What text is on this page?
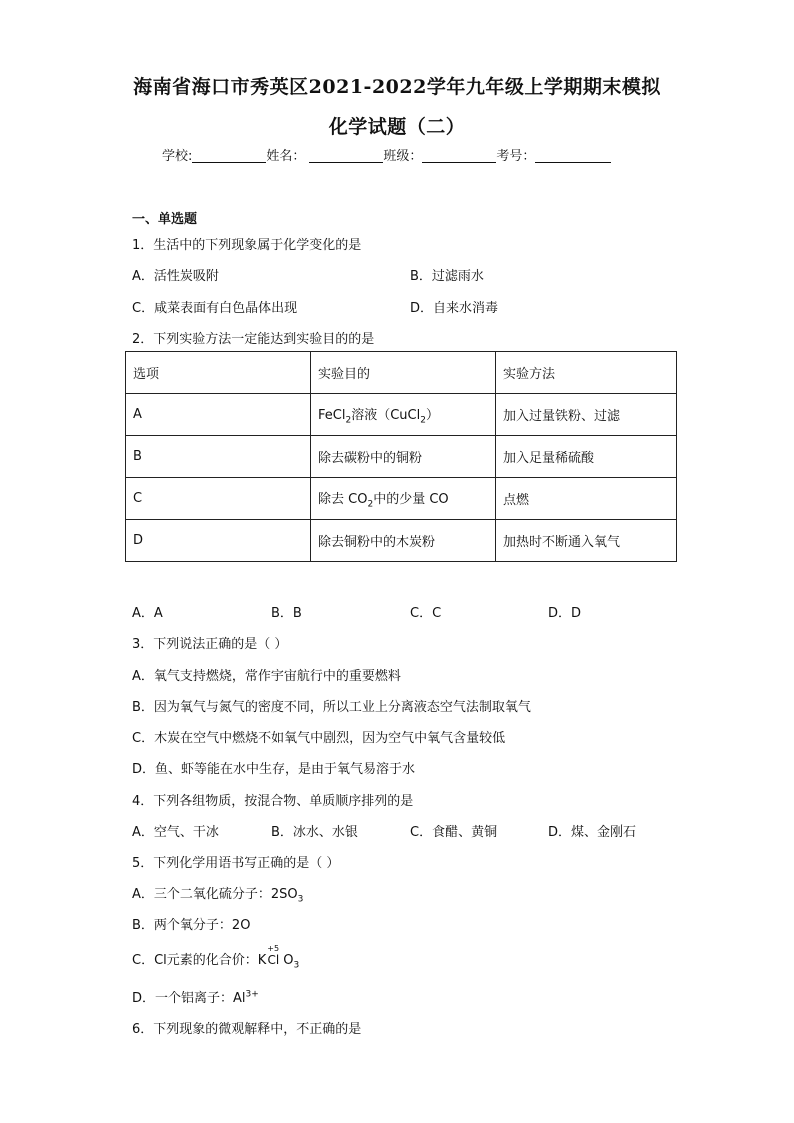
海南省海口市秀英区2021-2022学年九年级上学期期末模拟
化学试题（二）
学校:	姓名：	班级：	考号：
一、单选题
1．生活中的下列现象属于化学变化的是
A．活性炭吸附	B．过滤雨水
C．咸菜表面有白色晶体出现	D．自来水消毒
2．下列实验方法一定能达到实验目的的是
选项	实验目的	实验方法
A	FeCl$_2$溶液（CuCl$_2$）	加入过量铁粉、过滤
B	除去碳粉中的铜粉	加入足量稀硫酸
C	除去 $CO_2$中的少量 CO	点燃
D	除去铜粉中的木炭粉	加热时不断通入氧气
A．A	B．B	C．C	D．D
3．下列说法正确的是（ ）
A．氧气支持燃烧，常作宇宙航行中的重要燃料
B．因为氧气与氮气的密度不同，所以工业上分离液态空气法制取氧气
C．木炭在空气中燃烧不如氧气中剧烈，因为空气中氧气含量较低
D．鱼、虾等能在水中生存，是由于氧气易溶于水
4．下列各组物质，按混合物、单质顺序排列的是
A．空气、干冰	B．冰水、水银	C．食醋、黄铜	D．煤、金刚石
5．下列化学用语书写正确的是（ ）
A．三个二氧化硫分子：$2SO_3$
B．两个氧分子：2O
C．Cl元素的化合价：K
+5
Cl $O_3$
D．一个铝离子：$Al^{3+}$
6．下列现象的微观解释中，不正确的是
